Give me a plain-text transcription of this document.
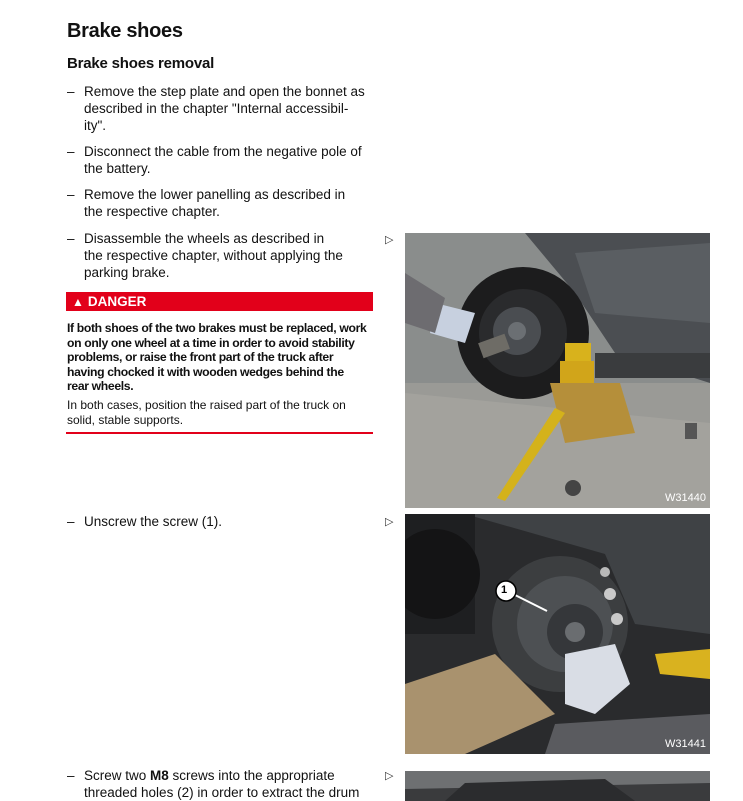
Brake shoes
Brake shoes removal
– Remove the step plate and open the bonnet as
described in the chapter "Internal accessibil-
ity".
– Disconnect the cable from the negative pole of
the battery.
– Remove the lower panelling as described in
the respective chapter.
– Disassemble the wheels as described in
the respective chapter, without applying the
parking brake.
▲ DANGER
If both shoes of the two brakes must be replaced, work on only one wheel at a time in order to avoid stability problems, or raise the front part of the truck after having chocked it with wooden wedges behind the rear wheels.
In both cases, position the raised part of the truck on solid, stable supports.
– Unscrew the screw (1).
– Screw two M8 screws into the appropriate threaded holes (2) in order to extract the drum
▷
▷
▷
W31440
1
W31441
